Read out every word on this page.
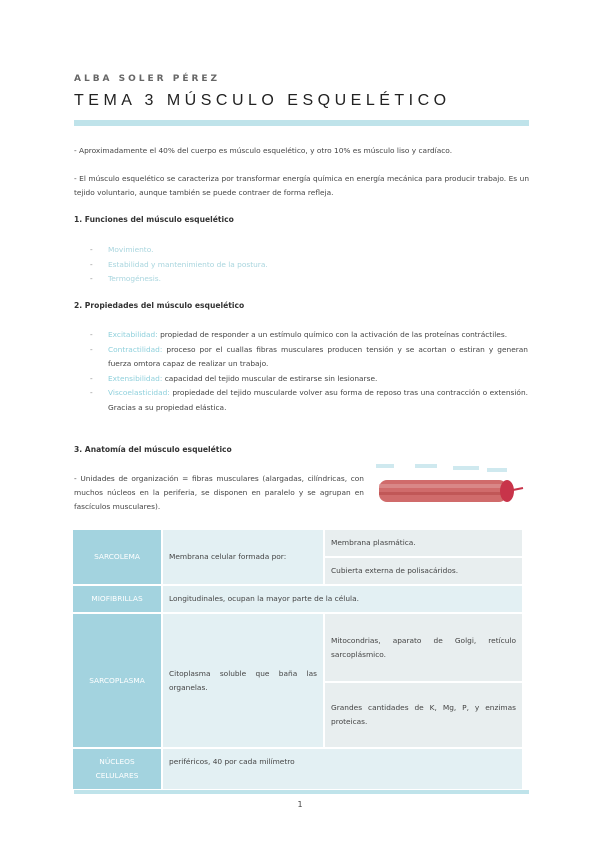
ALBA SOLER PÉREZ
TEMA 3 MÚSCULO ESQUELÉTICO
- Aproximadamente el 40% del cuerpo es músculo esquelético, y otro 10% es músculo liso y cardíaco.
- El músculo esquelético se caracteriza por transformar energía química en energía mecánica para producir trabajo. Es un tejido voluntario, aunque también se puede contraer de forma refleja.
1. Funciones del músculo esquelético
-	Movimiento.
-	Estabilidad y mantenimiento de la postura.
-	Termogénesis.
2. Propiedades del músculo esquelético
-	Excitabilidad: propiedad de responder a un estímulo químico con la activación de las proteínas contráctiles.
-	Contractilidad: proceso por el cuallas fibras musculares producen tensión y se acortan o estiran y generan fuerza omtora capaz de realizar un trabajo.
-	Extensibilidad: capacidad del tejido muscular de estirarse sin lesionarse.
-	Viscoelasticidad: propiedade del tejido muscularde volver asu forma de reposo tras una contracción o extensión. Gracias a su propiedad elástica.
3. Anatomía del músculo esquelético
- Unidades de organización = fibras musculares (alargadas, cilíndricas, con muchos núcleos en la periferia, se disponen en paralelo y se agrupan en fascículos musculares).
SARCOLEMA	Membrana celular formada por:	Membrana plasmática.
		Cubierta externa de polisacáridos.
MIOFIBRILLAS	Longitudinales, ocupan la mayor parte de la célula.	
SARCOPLASMA	Citoplasma soluble que baña las organelas.	Mitocondrias, aparato de Golgi, retículo sarcoplásmico.
		Grandes cantidades de K, Mg, P, y enzimas proteicas.
NÚCLEOS CELULARES	periféricos, 40 por cada milímetro	
1
